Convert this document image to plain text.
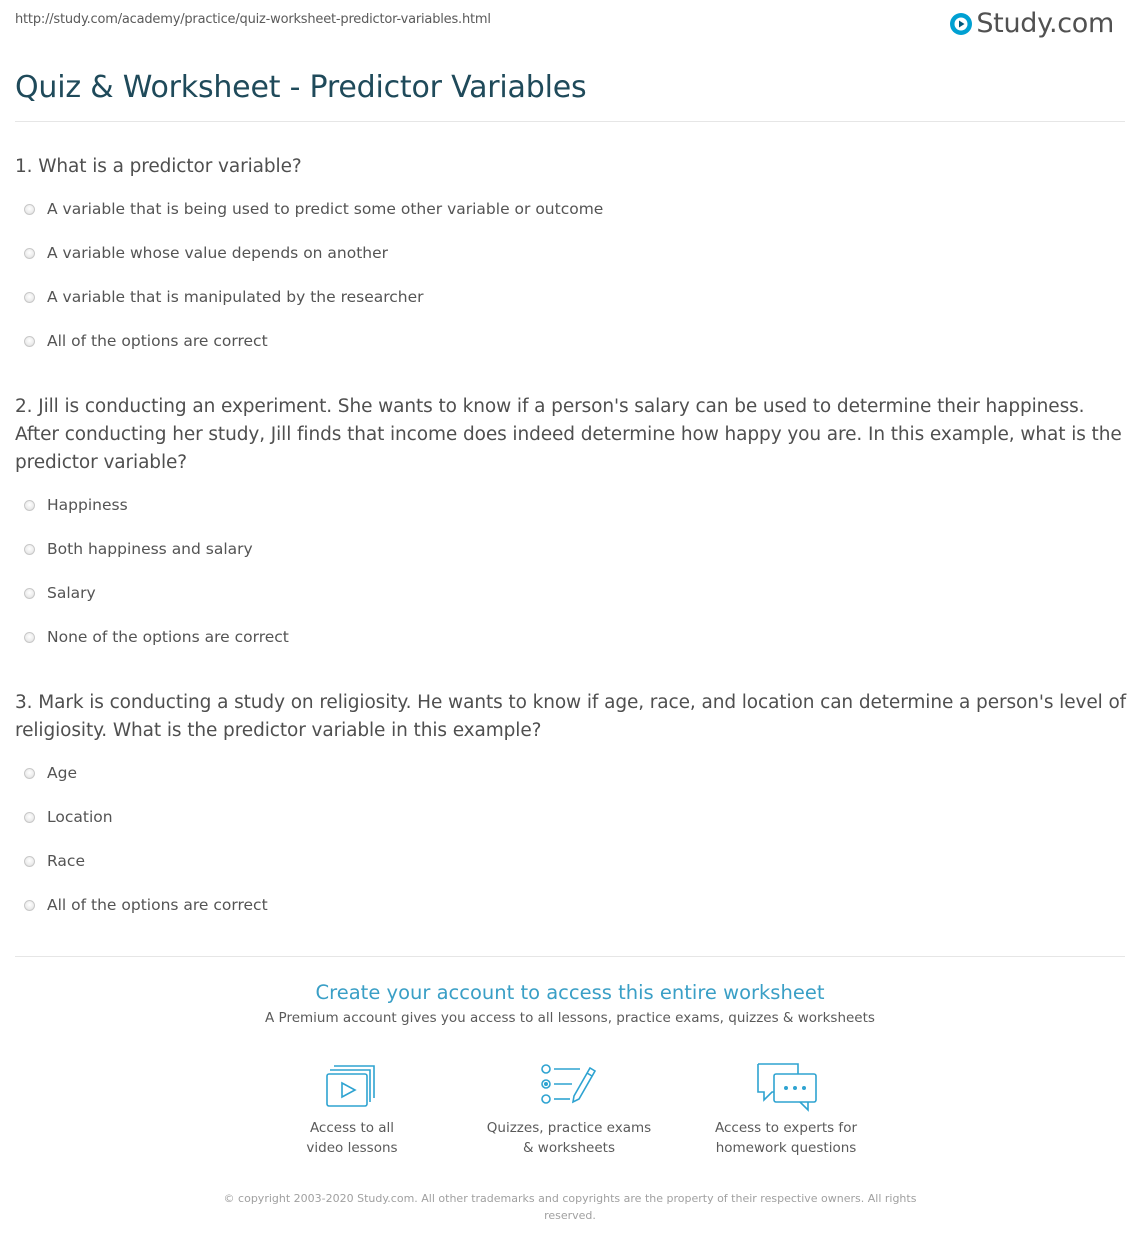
http://study.com/academy/practice/quiz-worksheet-predictor-variables.html	Study.com
Quiz & Worksheet - Predictor Variables
1. What is a predictor variable?
A variable that is being used to predict some other variable or outcome
A variable whose value depends on another
A variable that is manipulated by the researcher
All of the options are correct
2. Jill is conducting an experiment. She wants to know if a person's salary can be used to determine their happiness. After conducting her study, Jill finds that income does indeed determine how happy you are. In this example, what is the predictor variable?
Happiness
Both happiness and salary
Salary
None of the options are correct
3. Mark is conducting a study on religiosity. He wants to know if age, race, and location can determine a person's level of religiosity. What is the predictor variable in this example?
Age
Location
Race
All of the options are correct
Create your account to access this entire worksheet
A Premium account gives you access to all lessons, practice exams, quizzes & worksheets
Access to all
video lessons
Quizzes, practice exams
& worksheets
Access to experts for
homework questions
© copyright 2003-2020 Study.com. All other trademarks and copyrights are the property of their respective owners. All rights
reserved.
